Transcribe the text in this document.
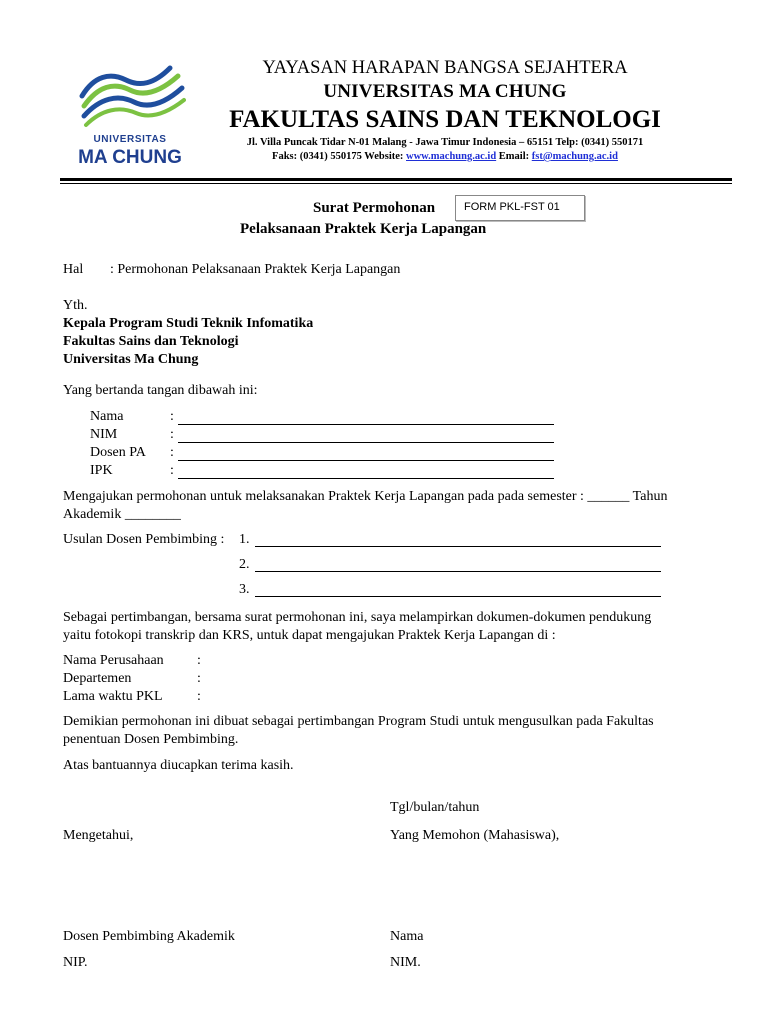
UNIVERSITAS
MA CHUNG
YAYASAN HARAPAN BANGSA SEJAHTERA
UNIVERSITAS MA CHUNG
FAKULTAS SAINS DAN TEKNOLOGI
Jl. Villa Puncak Tidar N-01 Malang - Jawa Timur Indonesia – 65151 Telp: (0341) 550171
Faks: (0341) 550175 Website: www.machung.ac.id Email: fst@machung.ac.id
Surat Permohonan	FORM PKL-FST 01
Pelaksanaan Praktek Kerja Lapangan
Hal : Permohonan Pelaksanaan Praktek Kerja Lapangan
Yth.
Kepala Program Studi Teknik Infomatika
Fakultas Sains dan Teknologi
Universitas Ma Chung
Yang bertanda tangan dibawah ini:
Nama	:
NIM	:
Dosen PA :
IPK	:
Mengajukan permohonan untuk melaksanakan Praktek Kerja Lapangan pada pada semester : ______ Tahun
Akademik ________
Usulan Dosen Pembimbing : 1.
2.
3.
Sebagai pertimbangan, bersama surat permohonan ini, saya melampirkan dokumen-dokumen pendukung
yaitu fotokopi transkrip dan KRS, untuk dapat mengajukan Praktek Kerja Lapangan di :
Nama Perusahaan :
Departemen	:
Lama waktu PKL :
Demikian permohonan ini dibuat sebagai pertimbangan Program Studi untuk mengusulkan pada Fakultas
penentuan Dosen Pembimbing.
Atas bantuannya diucapkan terima kasih.
Tgl/bulan/tahun
Mengetahui,	Yang Memohon (Mahasiswa),
Dosen Pembimbing Akademik	Nama
NIP.	NIM.
